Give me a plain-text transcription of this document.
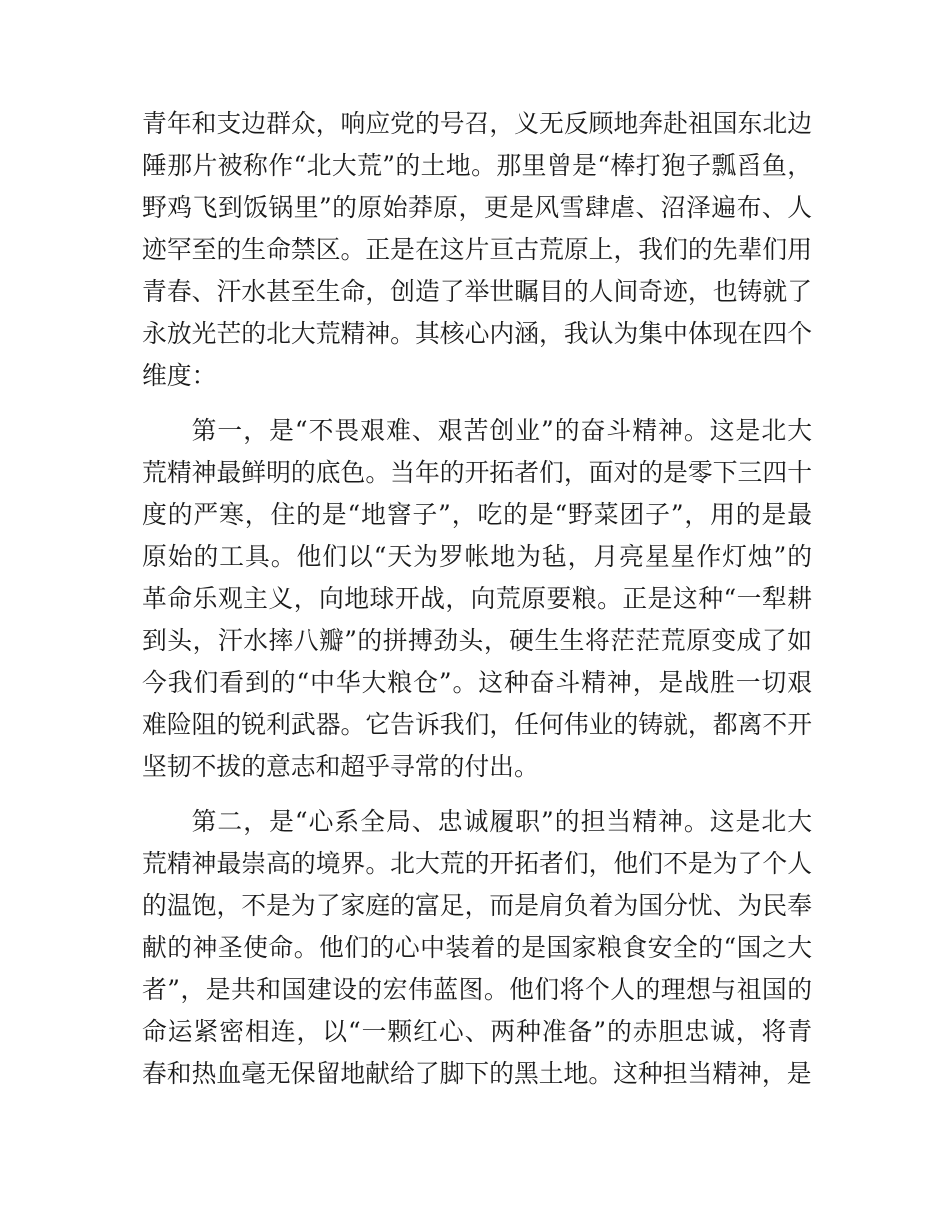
青年和支边群众，响应党的号召，义无反顾地奔赴祖国东北边陲那片被称作“北大荒”的土地。那里曾是“棒打狍子瓢舀鱼，野鸡飞到饭锅里”的原始莽原，更是风雪肆虐、沼泽遍布、人迹罕至的生命禁区。正是在这片亘古荒原上，我们的先辈们用青春、汗水甚至生命，创造了举世瞩目的人间奇迹，也铸就了永放光芒的北大荒精神。其核心内涵，我认为集中体现在四个维度：

第一，是“不畏艰难、艰苦创业”的奋斗精神。这是北大荒精神最鲜明的底色。当年的开拓者们，面对的是零下三四十度的严寒，住的是“地窨子”，吃的是“野菜团子”，用的是最原始的工具。他们以“天为罗帐地为毡，月亮星星作灯烛”的革命乐观主义，向地球开战，向荒原要粮。正是这种“一犁耕到头，汗水摔八瓣”的拼搏劲头，硬生生将茫茫荒原变成了如今我们看到的“中华大粮仓”。这种奋斗精神，是战胜一切艰难险阻的锐利武器。它告诉我们，任何伟业的铸就，都离不开坚韧不拔的意志和超乎寻常的付出。

第二，是“心系全局、忠诚履职”的担当精神。这是北大荒精神最崇高的境界。北大荒的开拓者们，他们不是为了个人的温饱，不是为了家庭的富足，而是肩负着为国分忧、为民奉献的神圣使命。他们的心中装着的是国家粮食安全的“国之大者”，是共和国建设的宏伟蓝图。他们将个人的理想与祖国的命运紧密相连，以“一颗红心、两种准备”的赤胆忠诚，将青春和热血毫无保留地献给了脚下的黑土地。这种担当精神，是
